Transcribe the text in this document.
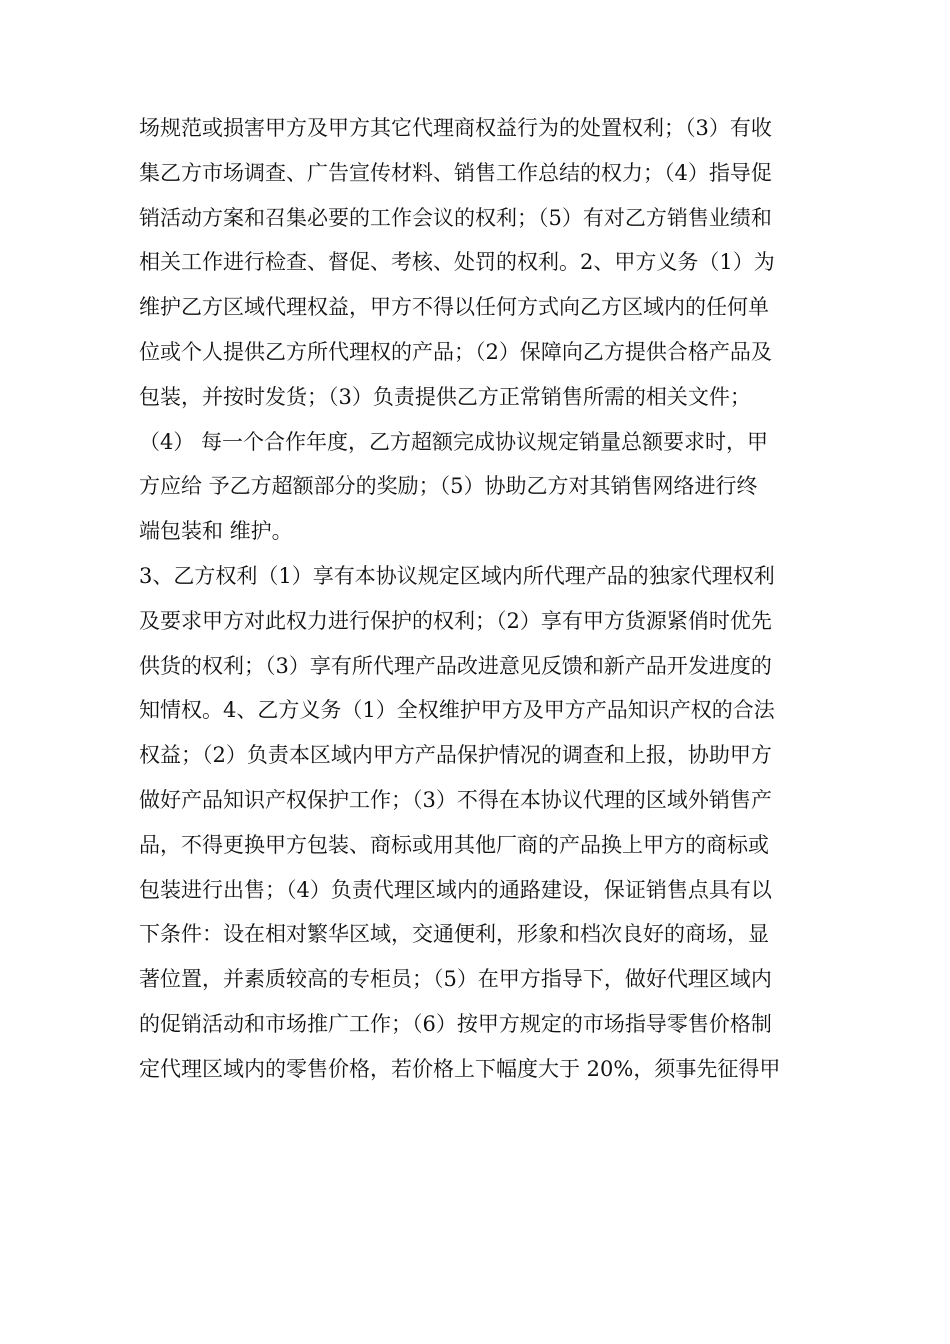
场规范或损害甲方及甲方其它代理商权益行为的处置权利；（3）有收
集乙方市场调查、广告宣传材料、销售工作总结的权力；（4）指导促
销活动方案和召集必要的工作会议的权利；（5）有对乙方销售业绩和
相关工作进行检查、督促、考核、处罚的权利。2、甲方义务（1）为
维护乙方区域代理权益，甲方不得以任何方式向乙方区域内的任何单
位或个人提供乙方所代理权的产品；（2）保障向乙方提供合格产品及
包装，并按时发货；（3）负责提供乙方正常销售所需的相关文件；
（4） 每一个合作年度，乙方超额完成协议规定销量总额要求时，甲
方应给 予乙方超额部分的奖励；（5）协助乙方对其销售网络进行终
端包装和 维护。
3、乙方权利（1）享有本协议规定区域内所代理产品的独家代理权利
及要求甲方对此权力进行保护的权利；（2）享有甲方货源紧俏时优先
供货的权利；（3）享有所代理产品改进意见反馈和新产品开发进度的
知情权。4、乙方义务（1）全权维护甲方及甲方产品知识产权的合法
权益；（2）负责本区域内甲方产品保护情况的调查和上报，协助甲方
做好产品知识产权保护工作；（3）不得在本协议代理的区域外销售产
品，不得更换甲方包装、商标或用其他厂商的产品换上甲方的商标或
包装进行出售；（4）负责代理区域内的通路建设，保证销售点具有以
下条件：设在相对繁华区域，交通便利，形象和档次良好的商场，显
著位置，并素质较高的专柜员；（5）在甲方指导下，做好代理区域内
的促销活动和市场推广工作；（6）按甲方规定的市场指导零售价格制
定代理区域内的零售价格，若价格上下幅度大于 20%，须事先征得甲
